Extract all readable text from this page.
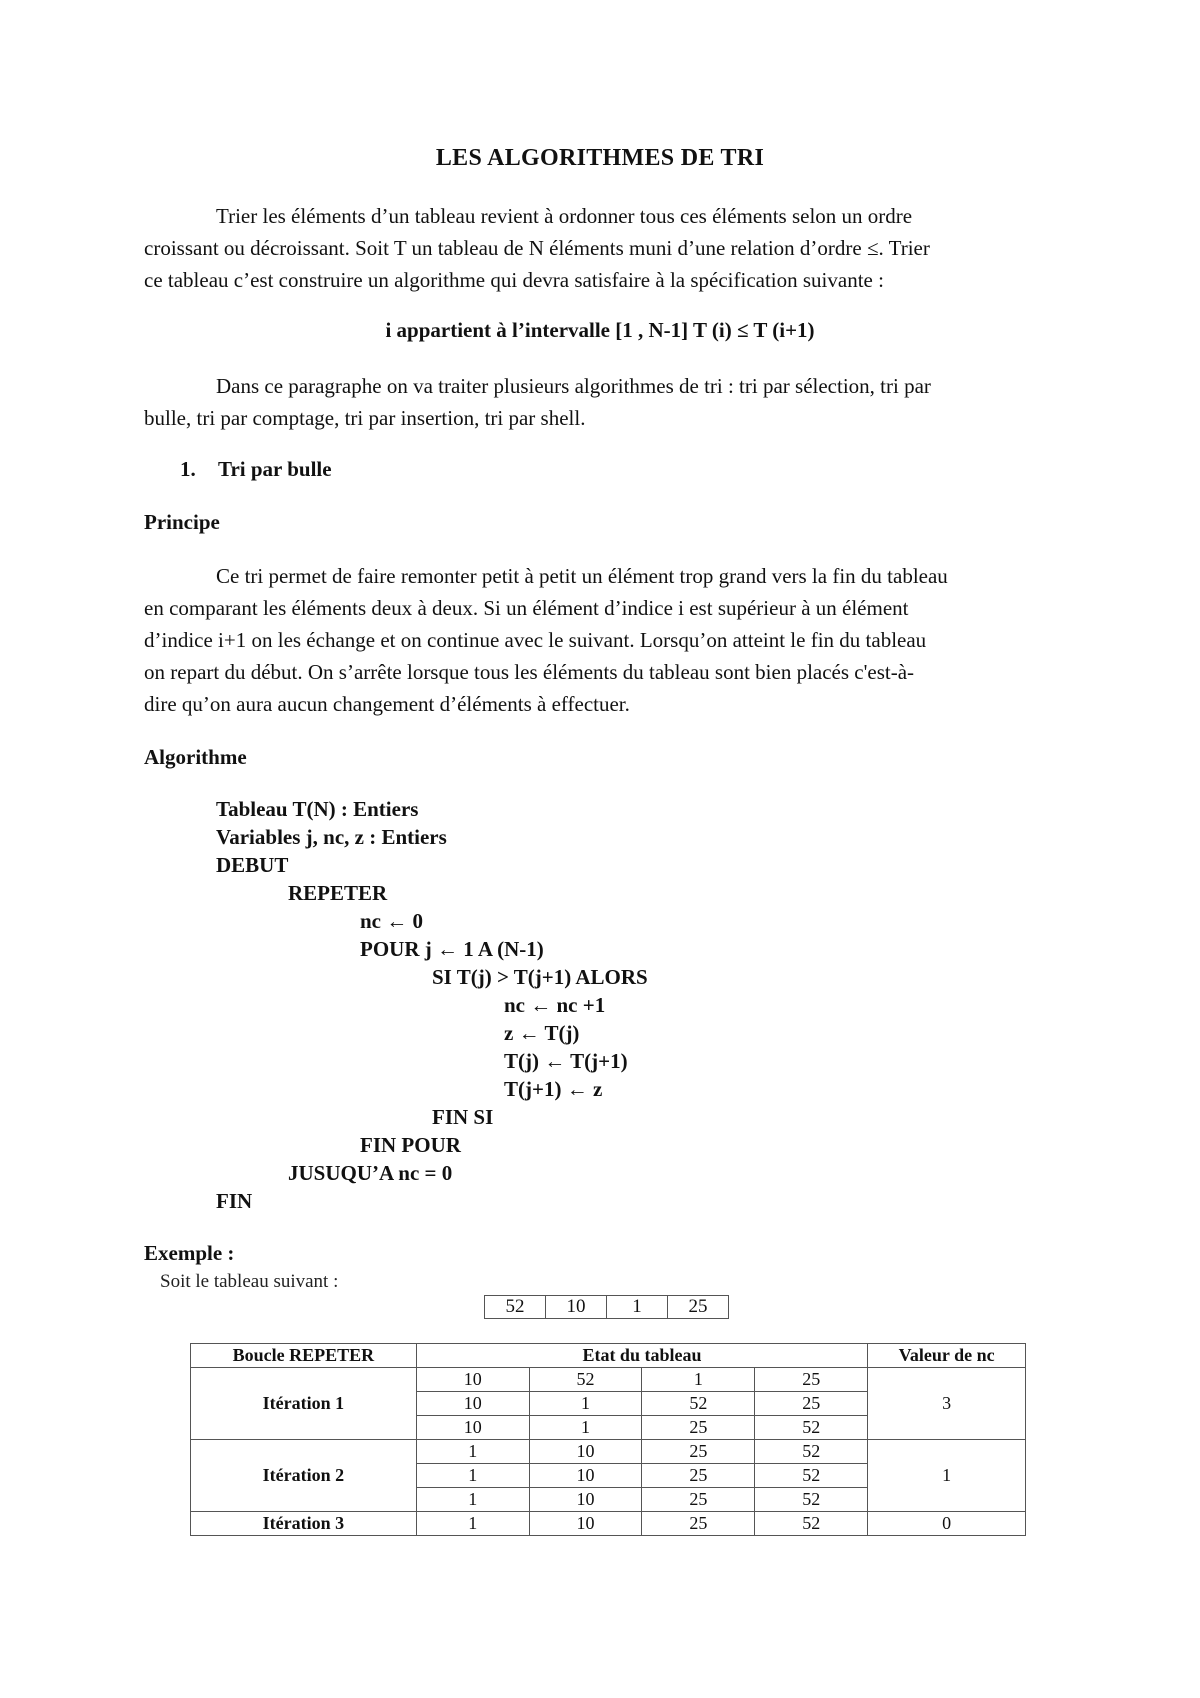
LES ALGORITHMES DE TRI
Trier les éléments d’un tableau revient à ordonner tous ces éléments selon un ordre
croissant ou décroissant. Soit T un tableau de N éléments muni d’une relation d’ordre ≤. Trier
ce tableau c’est construire un algorithme qui devra satisfaire à la spécification suivante :
i appartient à l’intervalle [1 , N-1] T (i) ≤ T (i+1)
Dans ce paragraphe on va traiter plusieurs algorithmes de tri : tri par sélection, tri par
bulle, tri par comptage, tri par insertion, tri par shell.
1. Tri par bulle
Principe
Ce tri permet de faire remonter petit à petit un élément trop grand vers la fin du tableau
en comparant les éléments deux à deux. Si un élément d’indice i est supérieur à un élément
d’indice i+1 on les échange et on continue avec le suivant. Lorsqu’on atteint le fin du tableau
on repart du début. On s’arrête lorsque tous les éléments du tableau sont bien placés c'est-à-
dire qu’on aura aucun changement d’éléments à effectuer.
Algorithme
Tableau T(N) : Entiers
Variables j, nc, z : Entiers
DEBUT
REPETER
nc ← 0
POUR j ← 1 A (N-1)
SI T(j) > T(j+1) ALORS
nc ← nc +1
z ← T(j)
T(j) ← T(j+1)
T(j+1) ← z
FIN SI
FIN POUR
JUSUQU’A nc = 0
FIN
Exemple :
Soit le tableau suivant :
52	10	1	25
Boucle REPETER	Etat du tableau				Valeur de nc
Itération 1	10	52	1	25	3
	10	1	52	25	
	10	1	25	52	
Itération 2	1	10	25	52	1
	1	10	25	52	
	1	10	25	52	
Itération 3	1	10	25	52	0
